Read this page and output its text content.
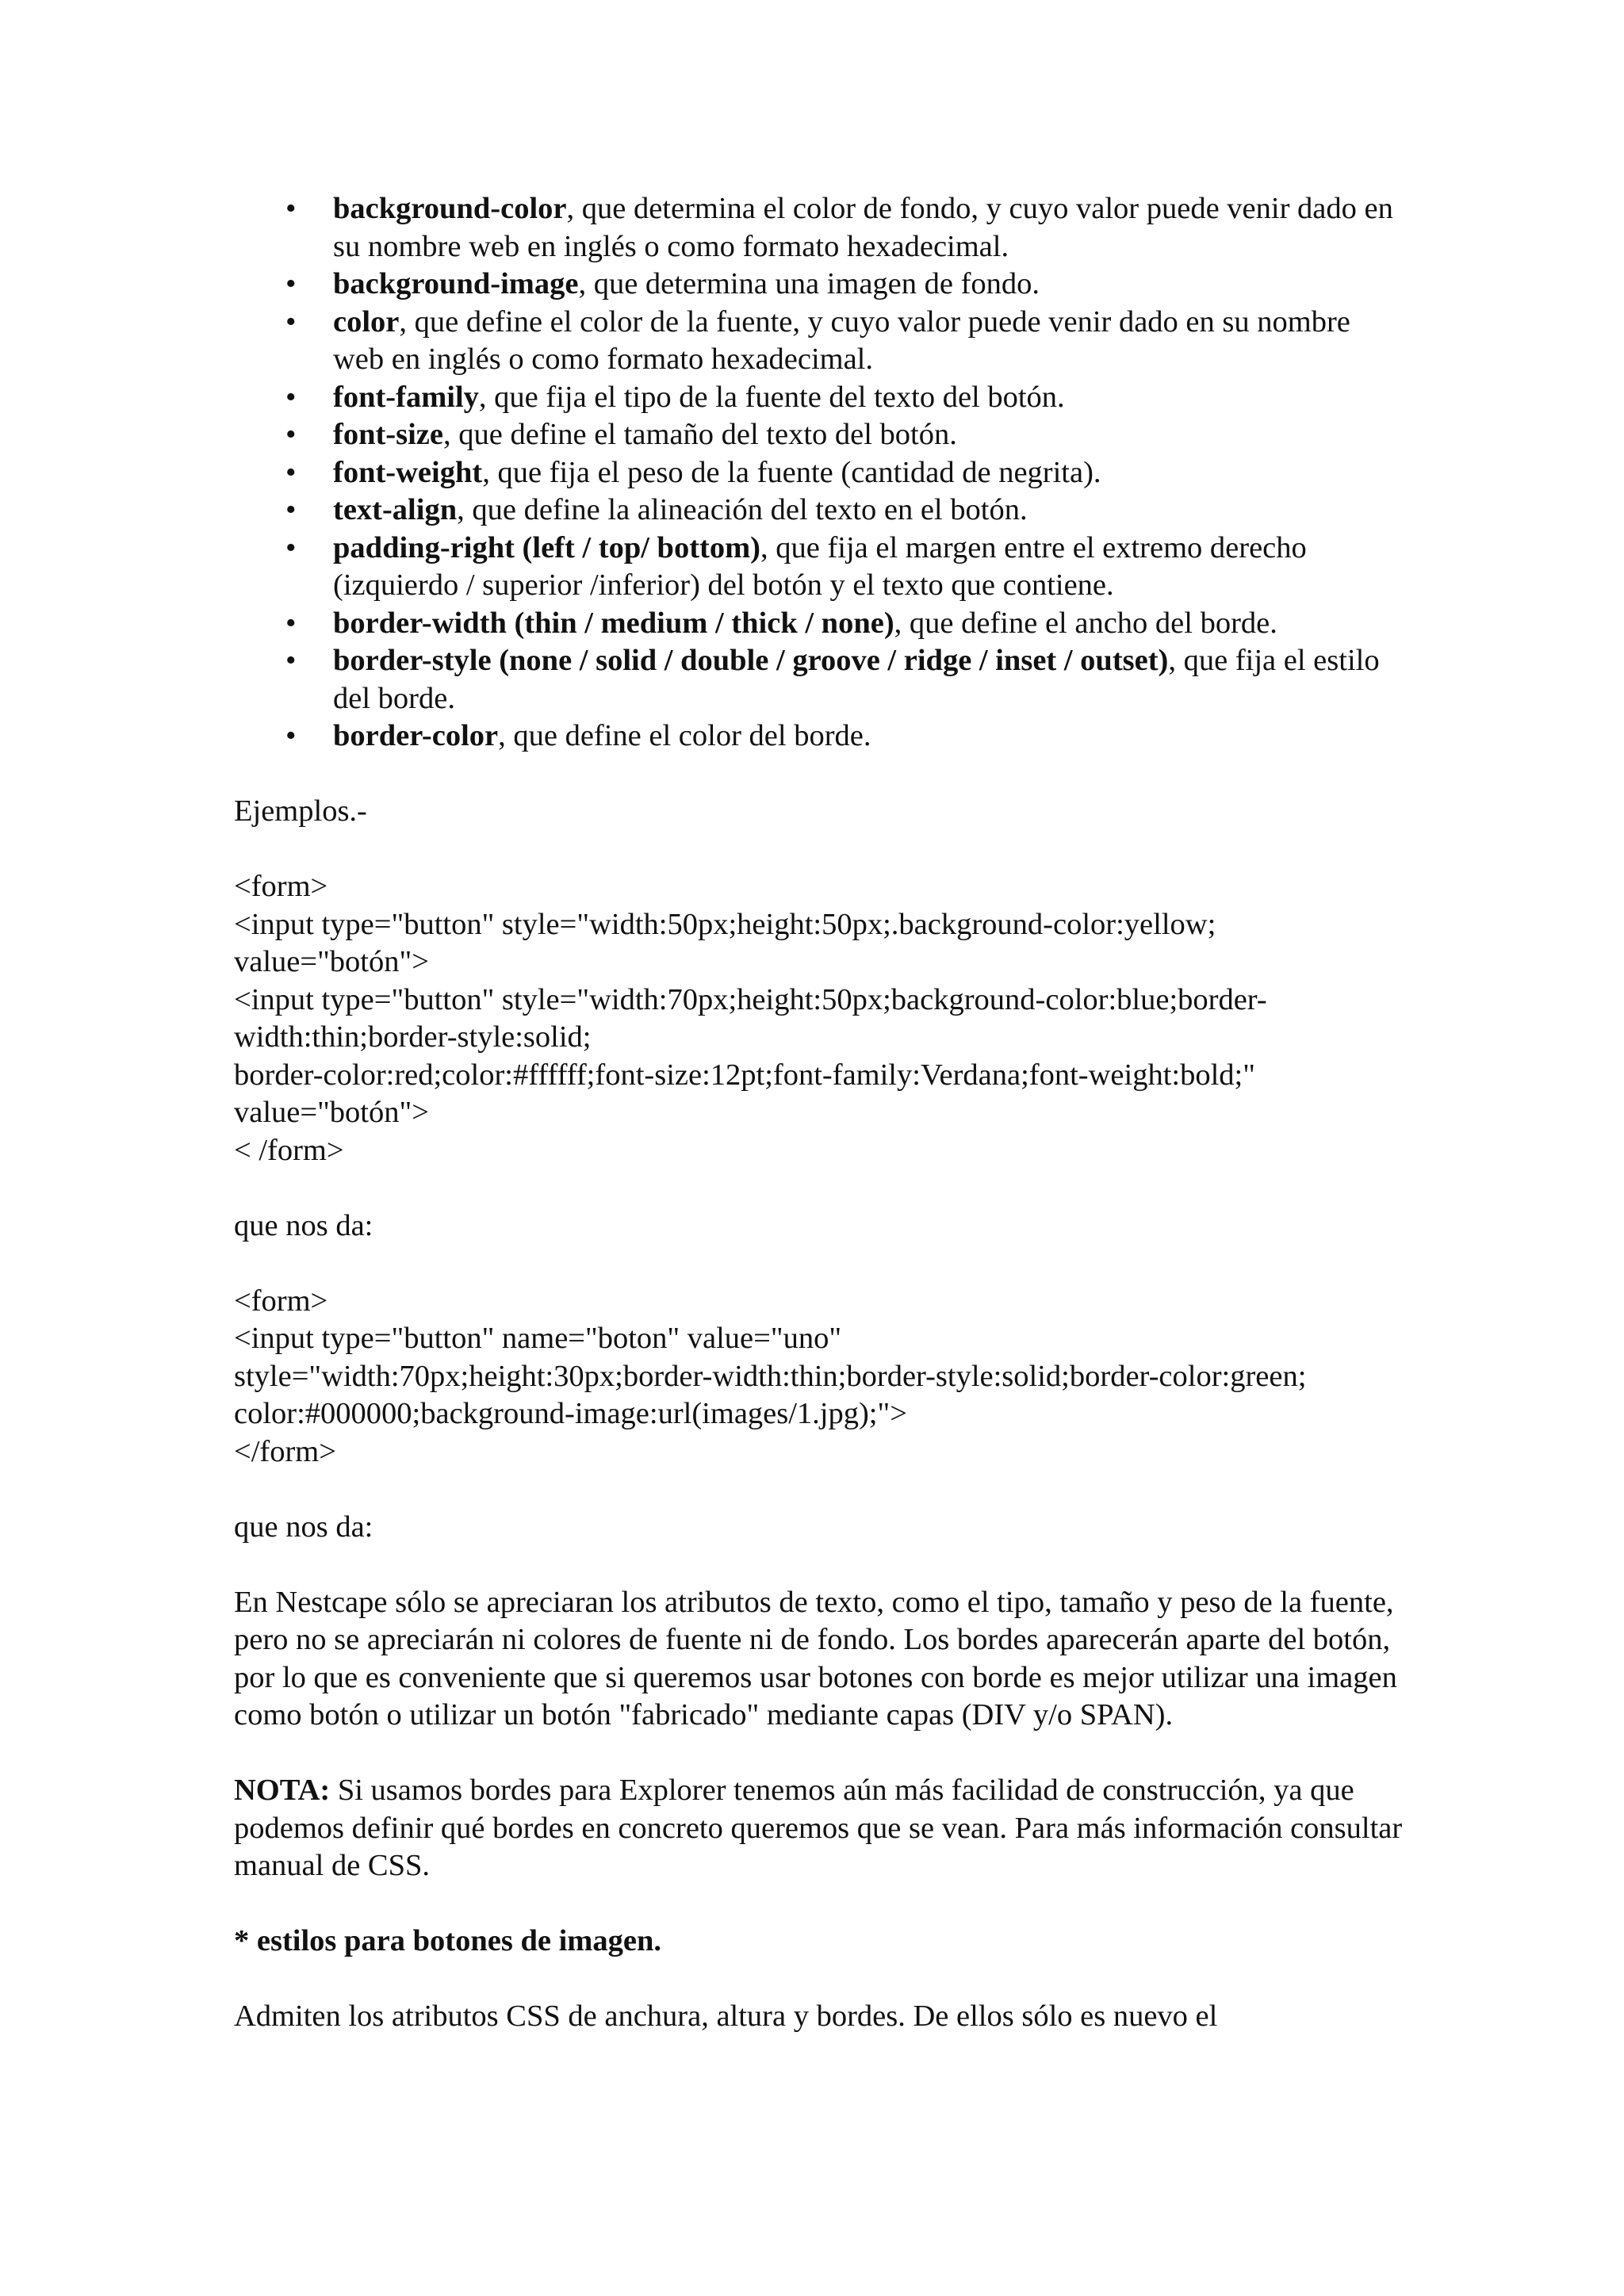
• background-color, que determina el color de fondo, y cuyo valor puede venir dado en su nombre web en inglés o como formato hexadecimal.
• background-image, que determina una imagen de fondo.
• color, que define el color de la fuente, y cuyo valor puede venir dado en su nombre web en inglés o como formato hexadecimal.
• font-family, que fija el tipo de la fuente del texto del botón.
• font-size, que define el tamaño del texto del botón.
• font-weight, que fija el peso de la fuente (cantidad de negrita).
• text-align, que define la alineación del texto en el botón.
• padding-right (left / top/ bottom), que fija el margen entre el extremo derecho (izquierdo / superior /inferior) del botón y el texto que contiene.
• border-width (thin / medium / thick / none), que define el ancho del borde.
• border-style (none / solid / double / groove / ridge / inset / outset), que fija el estilo del borde.
• border-color, que define el color del borde.

Ejemplos.-

<form>

<input type="button" style="width:50px;height:50px;.background-color:yellow;

value="botón">

<input type="button" style="width:70px;height:50px;background-color:blue;border-

width:thin;border-style:solid;

border-color:red;color:#ffffff;font-size:12pt;font-family:Verdana;font-weight:bold;"

value="botón">

< /form>

que nos da:

<form>

<input type="button" name="boton" value="uno"

style="width:70px;height:30px;border-width:thin;border-style:solid;border-color:green;

color:#000000;background-image:url(images/1.jpg);">

</form>

que nos da:

En Nestcape sólo se apreciaran los atributos de texto, como el tipo, tamaño y peso de la fuente, pero no se apreciarán ni colores de fuente ni de fondo. Los bordes aparecerán aparte del botón, por lo que es conveniente que si queremos usar botones con borde es mejor utilizar una imagen como botón o utilizar un botón "fabricado" mediante capas (DIV y/o SPAN).

NOTA: Si usamos bordes para Explorer tenemos aún más facilidad de construcción, ya que podemos definir qué bordes en concreto queremos que se vean. Para más información consultar manual de CSS.

* estilos para botones de imagen.

Admiten los atributos CSS de anchura, altura y bordes. De ellos sólo es nuevo el
